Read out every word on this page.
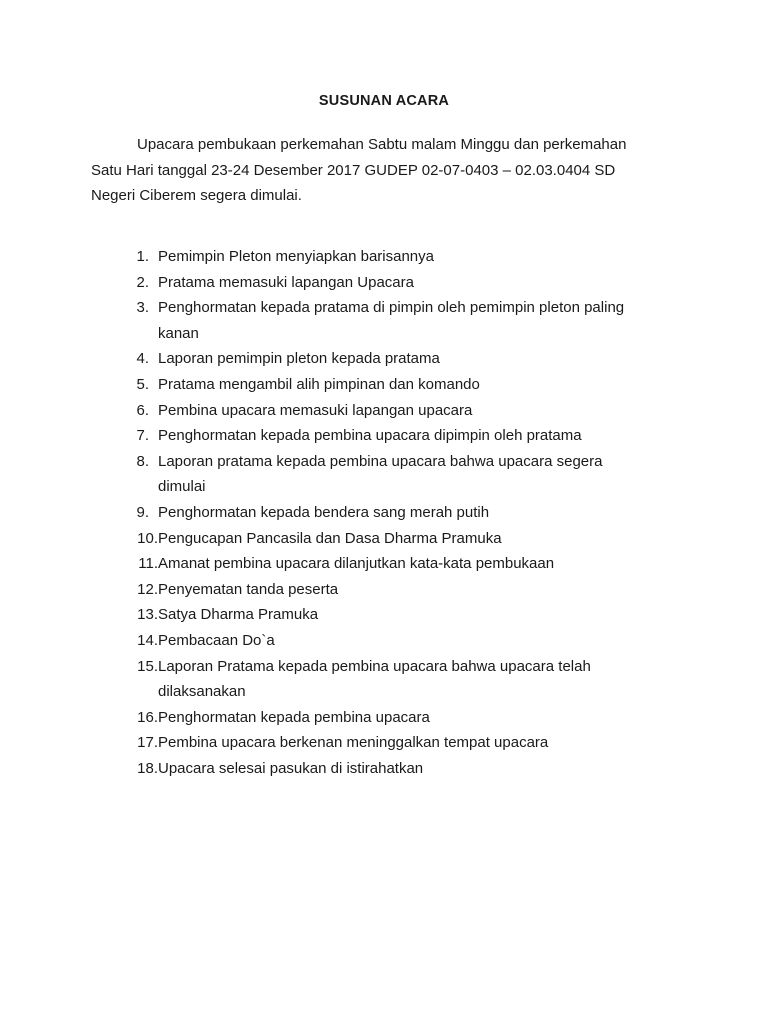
SUSUNAN ACARA
Upacara pembukaan perkemahan Sabtu malam Minggu dan perkemahan
Satu Hari tanggal 23-24 Desember 2017 GUDEP 02-07-0403 – 02.03.0404 SD
Negeri Ciberem segera dimulai.
1. Pemimpin Pleton menyiapkan barisannya
2. Pratama memasuki lapangan Upacara
3. Penghormatan kepada pratama di pimpin oleh pemimpin pleton paling
kanan
4. Laporan pemimpin pleton kepada pratama
5. Pratama mengambil alih pimpinan dan komando
6. Pembina upacara memasuki lapangan upacara
7. Penghormatan kepada pembina upacara dipimpin oleh pratama
8. Laporan pratama kepada pembina upacara bahwa upacara segera
dimulai
9. Penghormatan kepada bendera sang merah putih
10. Pengucapan Pancasila dan Dasa Dharma Pramuka
11. Amanat pembina upacara dilanjutkan kata-kata pembukaan
12. Penyematan tanda peserta
13. Satya Dharma Pramuka
14. Pembacaan Do`a
15. Laporan Pratama kepada pembina upacara bahwa upacara telah
dilaksanakan
16. Penghormatan kepada pembina upacara
17. Pembina upacara berkenan meninggalkan tempat upacara
18. Upacara selesai pasukan di istirahatkan
